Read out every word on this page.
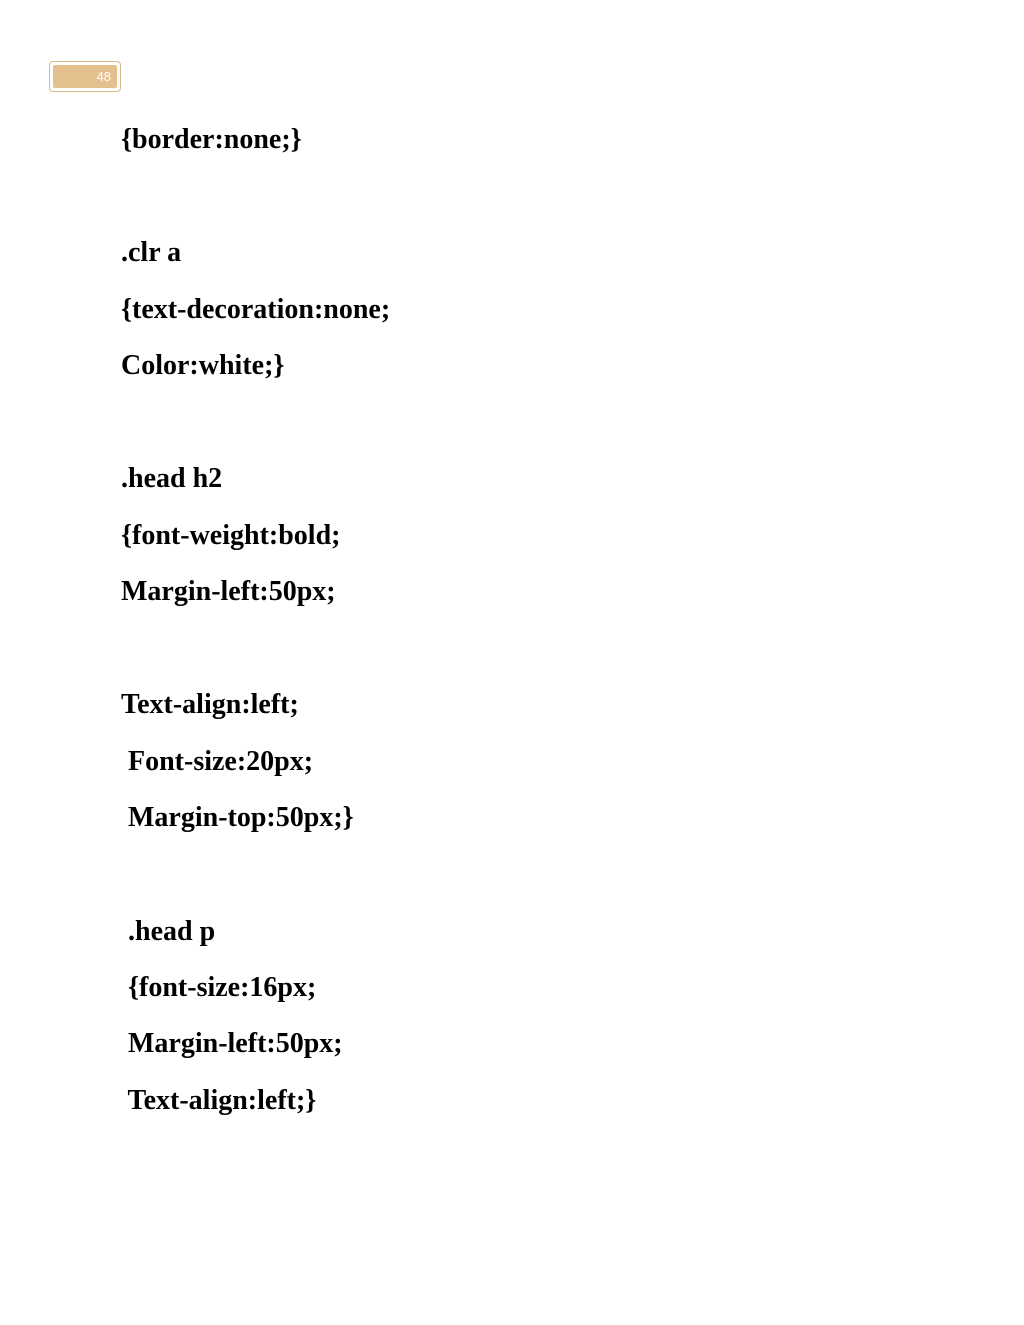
48
{border:none;}
.clr a
{text-decoration:none;
Color:white;}
.head h2
{font-weight:bold;
Margin-left:50px;
Text-align:left;
Font-size:20px;
Margin-top:50px;}
.head p
{font-size:16px;
Margin-left:50px;
Text-align:left;}
